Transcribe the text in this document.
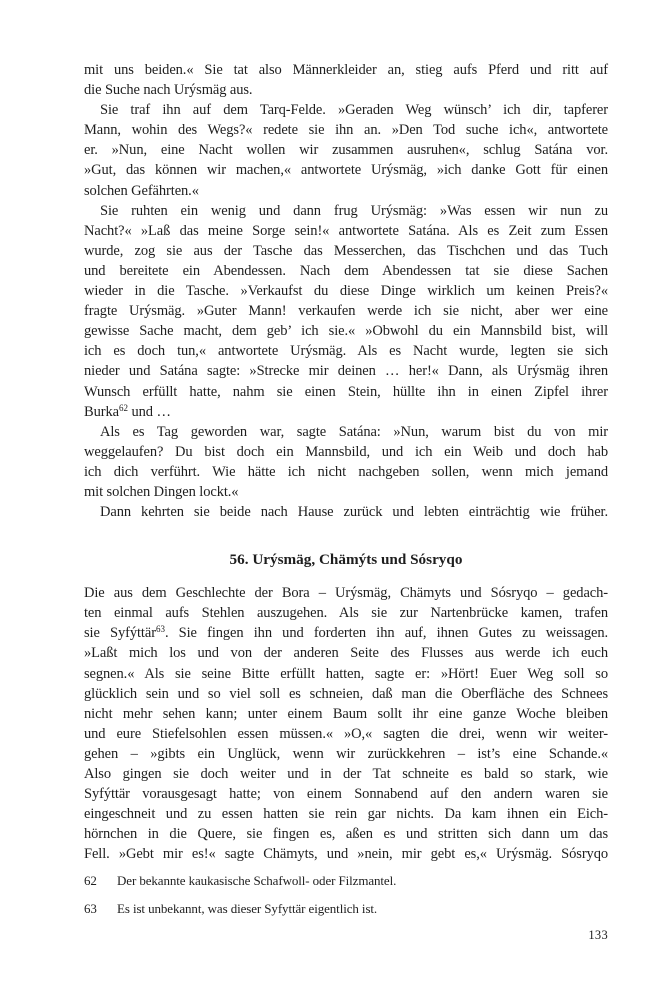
mit uns beiden.« Sie tat also Männerkleider an, stieg aufs Pferd und ritt auf
die Suche nach Urýsmäg aus.
Sie traf ihn auf dem Tarq-Felde. »Geraden Weg wünsch’ ich dir, tapferer
Mann, wohin des Wegs?« redete sie ihn an. »Den Tod suche ich«, antwortete
er. »Nun, eine Nacht wollen wir zusammen ausruhen«, schlug Satána vor.
»Gut, das können wir machen,« antwortete Urýsmäg, »ich danke Gott für einen
solchen Gefährten.«
Sie ruhten ein wenig und dann frug Urýsmäg: »Was essen wir nun zu
Nacht?« »Laß das meine Sorge sein!« antwortete Satána. Als es Zeit zum Essen
wurde, zog sie aus der Tasche das Messerchen, das Tischchen und das Tuch
und bereitete ein Abendessen. Nach dem Abendessen tat sie diese Sachen
wieder in die Tasche. »Verkaufst du diese Dinge wirklich um keinen Preis?«
fragte Urýsmäg. »Guter Mann! verkaufen werde ich sie nicht, aber wer eine
gewisse Sache macht, dem geb’ ich sie.« »Obwohl du ein Mannsbild bist, will
ich es doch tun,« antwortete Urýsmäg. Als es Nacht wurde, legten sie sich
nieder und Satána sagte: »Strecke mir deinen … her!« Dann, als Urýsmäg ihren
Wunsch erfüllt hatte, nahm sie einen Stein, hüllte ihn in einen Zipfel ihrer
Burka$^{62}$ und …
Als es Tag geworden war, sagte Satána: »Nun, warum bist du von mir
weggelaufen? Du bist doch ein Mannsbild, und ich ein Weib und doch hab
ich dich verführt. Wie hätte ich nicht nachgeben sollen, wenn mich jemand
mit solchen Dingen lockt.«
Dann kehrten sie beide nach Hause zurück und lebten einträchtig wie früher.
56. Urýsmäg, Chämýts und Sósryqo
Die aus dem Geschlechte der Bora – Urýsmäg, Chämyts und Sósryqo – gedach-
ten einmal aufs Stehlen auszugehen. Als sie zur Nartenbrücke kamen, trafen
sie Syfýttär$^{63}$. Sie fingen ihn und forderten ihn auf, ihnen Gutes zu weissagen.
»Laßt mich los und von der anderen Seite des Flusses aus werde ich euch
segnen.« Als sie seine Bitte erfüllt hatten, sagte er: »Hört! Euer Weg soll so
glücklich sein und so viel soll es schneien, daß man die Oberfläche des Schnees
nicht mehr sehen kann; unter einem Baum sollt ihr eine ganze Woche bleiben
und eure Stiefelsohlen essen müssen.« »O,« sagten die drei, wenn wir weiter-
gehen – »gibts ein Unglück, wenn wir zurückkehren – ist’s eine Schande.«
Also gingen sie doch weiter und in der Tat schneite es bald so stark, wie
Syfýttär vorausgesagt hatte; von einem Sonnabend auf den andern waren sie
eingeschneit und zu essen hatten sie rein gar nichts. Da kam ihnen ein Eich-
hörnchen in die Quere, sie fingen es, aßen es und stritten sich dann um das
Fell. »Gebt mir es!« sagte Chämyts, und »nein, mir gebt es,« Urýsmäg. Sósryqo
62 Der bekannte kaukasische Schafwoll- oder Filzmantel.
63 Es ist unbekannt, was dieser Syfyttär eigentlich ist.
133
